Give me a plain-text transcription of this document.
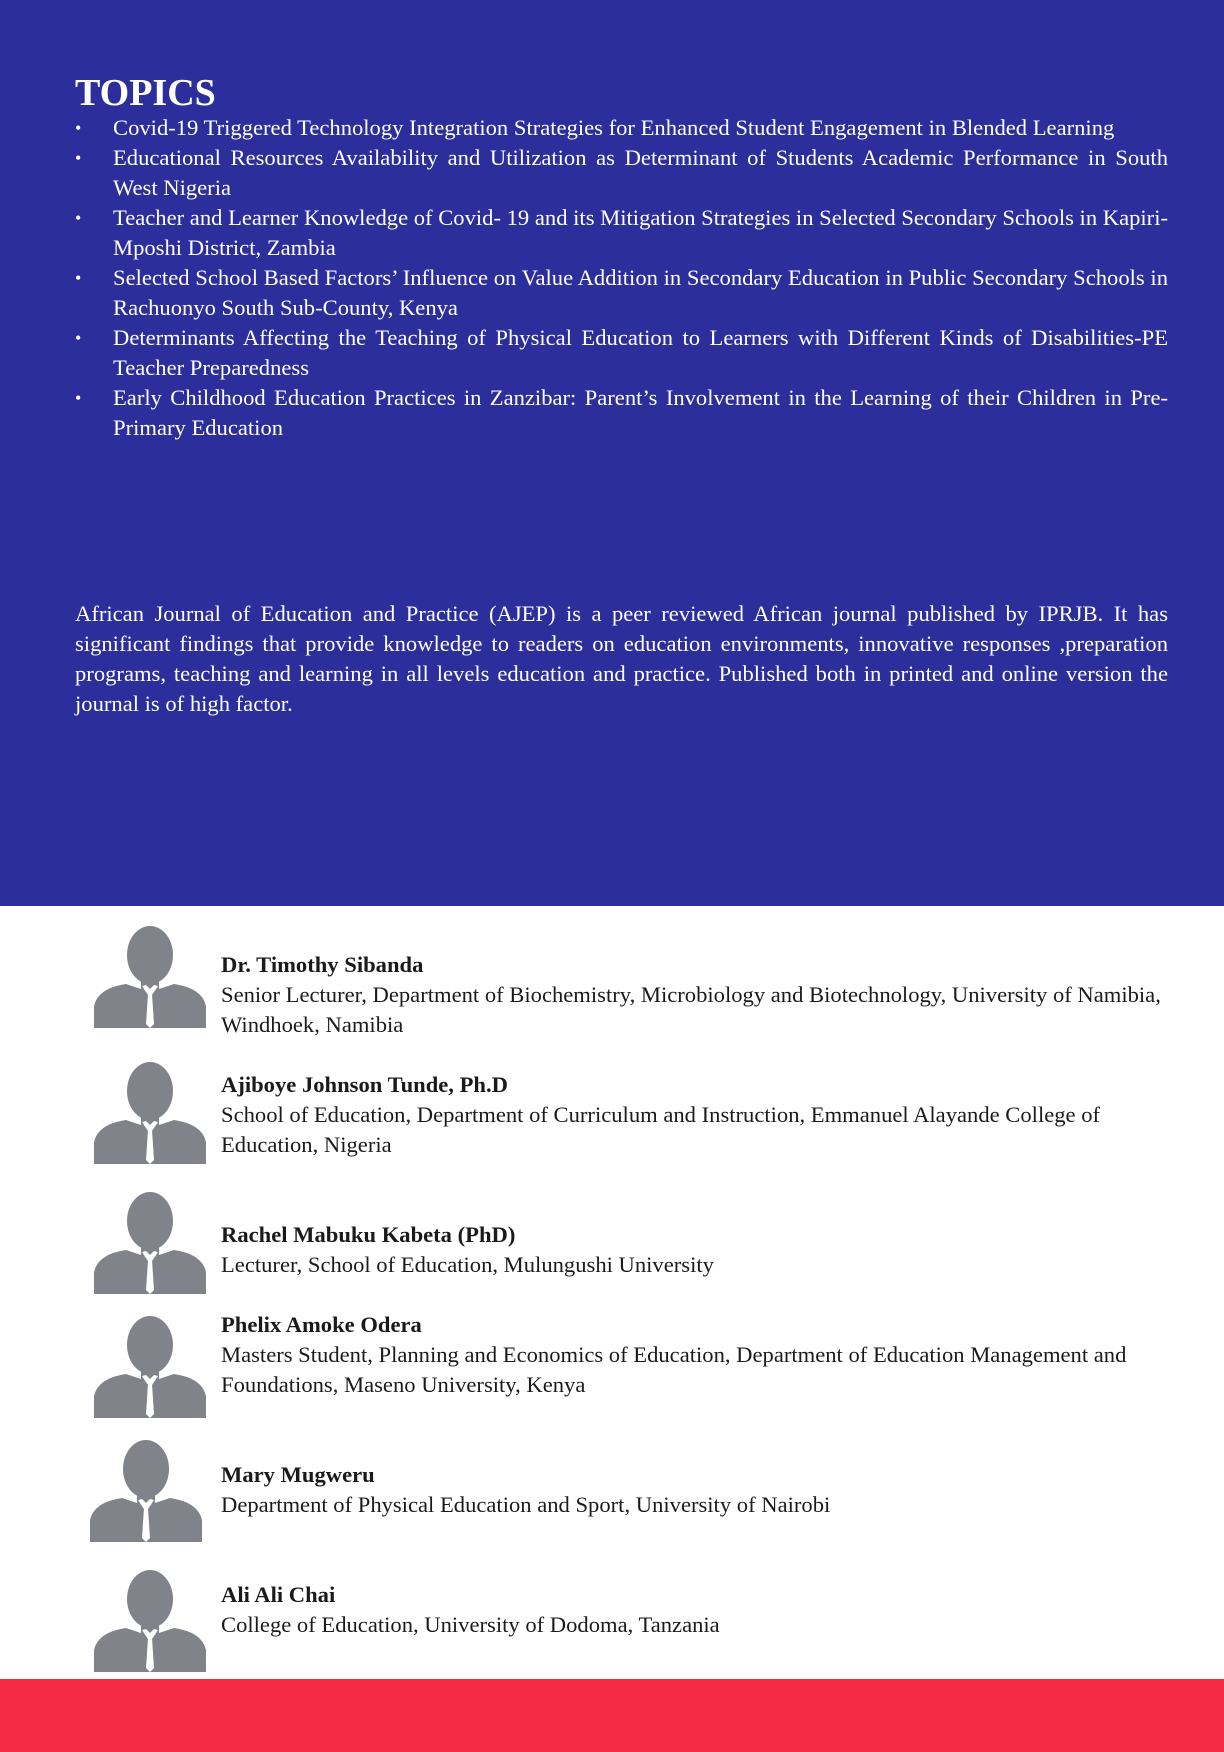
TOPICS
•	Covid-19 Triggered Technology Integration Strategies for Enhanced Student Engagement in Blended Learning
•	Educational Resources Availability and Utilization as Determinant of Students Academic Performance in South West Nigeria
•	Teacher and Learner Knowledge of Covid- 19 and its Mitigation Strategies in Selected Secondary Schools in Kapiri- Mposhi District, Zambia
•	Selected School Based Factors’ Influence on Value Addition in Secondary Education in Public Secondary Schools in Rachuonyo South Sub-County, Kenya
•	Determinants Affecting the Teaching of Physical Education to Learners with Different Kinds of Disabilities-PE Teacher Preparedness
•	Early Childhood Education Practices in Zanzibar: Parent’s Involvement in the Learning of their Children in Pre-Primary Education

African Journal of Education and Practice (AJEP) is a peer reviewed African journal published by IPRJB. It has significant findings that provide knowledge to readers on education environments, innovative responses ,preparation programs, teaching and learning in all levels education and practice. Published both in printed and online version the journal is of high factor.

Dr. Timothy Sibanda
Senior Lecturer, Department of Biochemistry, Microbiology and Biotechnology, University of Namibia, Windhoek, Namibia
Ajiboye Johnson Tunde, Ph.D
School of Education, Department of Curriculum and Instruction, Emmanuel Alayande College of Education, Nigeria
Rachel Mabuku Kabeta (PhD)
Lecturer, School of Education, Mulungushi University
Phelix Amoke Odera
Masters Student, Planning and Economics of Education, Department of Education Management and Foundations, Maseno University, Kenya
Mary Mugweru
Department of Physical Education and Sport, University of Nairobi
Ali Ali Chai
College of Education, University of Dodoma, Tanzania
